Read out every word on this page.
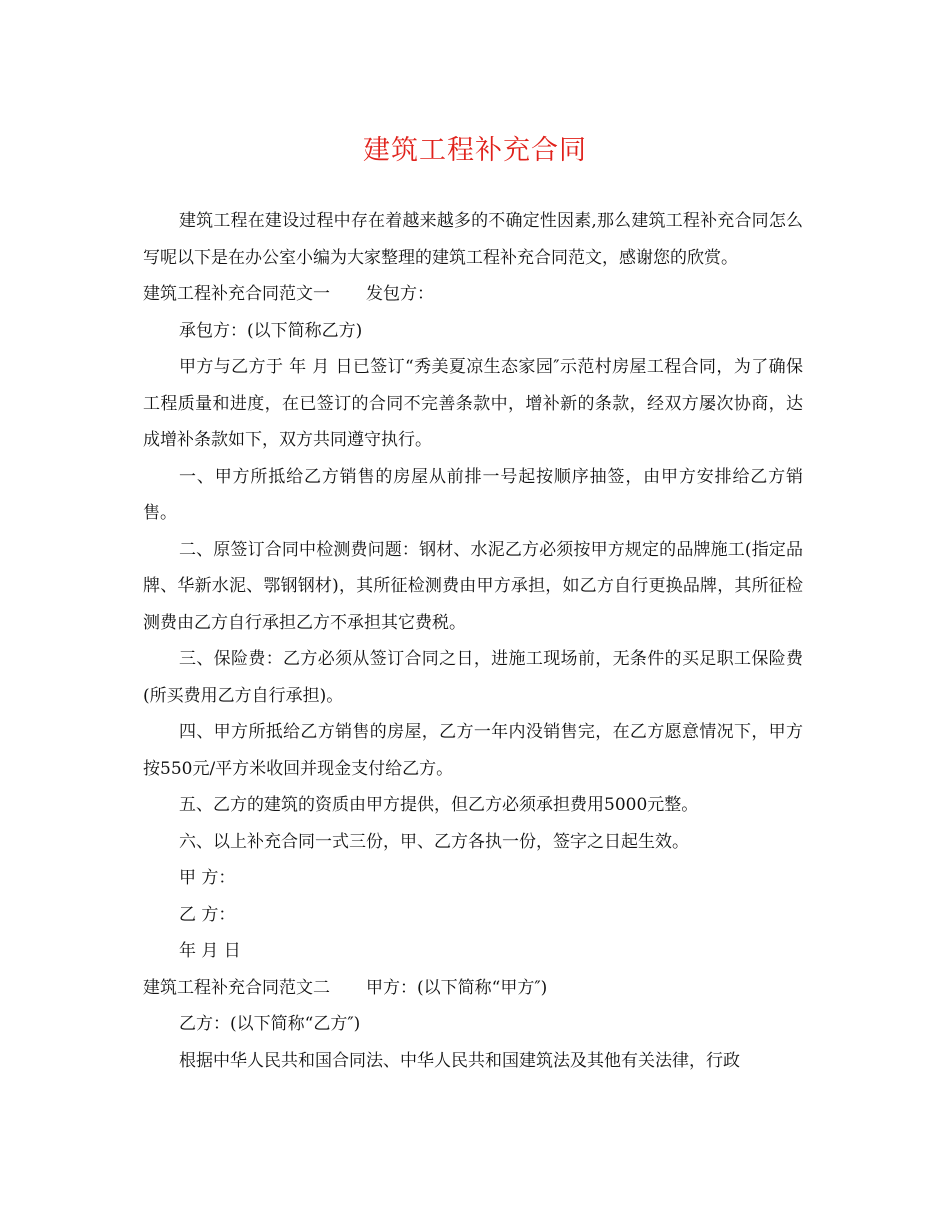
建筑工程补充合同

建筑工程在建设过程中存在着越来越多的不确定性因素,那么建筑工程补充合同怎么写呢以下是在办公室小编为大家整理的建筑工程补充合同范文，感谢您的欣赏。

建筑工程补充合同范文一 发包方：

承包方：(以下简称乙方)

甲方与乙方于 年 月 日已签订“秀美夏凉生态家园″示范村房屋工程合同，为了确保工程质量和进度，在已签订的合同不完善条款中，增补新的条款，经双方屡次协商，达成增补条款如下，双方共同遵守执行。

一、甲方所抵给乙方销售的房屋从前排一号起按顺序抽签，由甲方安排给乙方销售。

二、原签订合同中检测费问题：钢材、水泥乙方必须按甲方规定的品牌施工(指定品牌、华新水泥、鄂钢钢材)，其所征检测费由甲方承担，如乙方自行更换品牌，其所征检测费由乙方自行承担乙方不承担其它费税。

三、保险费：乙方必须从签订合同之日，进施工现场前，无条件的买足职工保险费(所买费用乙方自行承担)。

四、甲方所抵给乙方销售的房屋，乙方一年内没销售完，在乙方愿意情况下，甲方按550元/平方米收回并现金支付给乙方。

五、乙方的建筑的资质由甲方提供，但乙方必须承担费用5000元整。

六、以上补充合同一式三份，甲、乙方各执一份，签字之日起生效。

甲 方：

乙 方：

年 月 日

建筑工程补充合同范文二 甲方：(以下简称“甲方″)

乙方：(以下简称“乙方″)

根据中华人民共和国合同法、中华人民共和国建筑法及其他有关法律，行政
